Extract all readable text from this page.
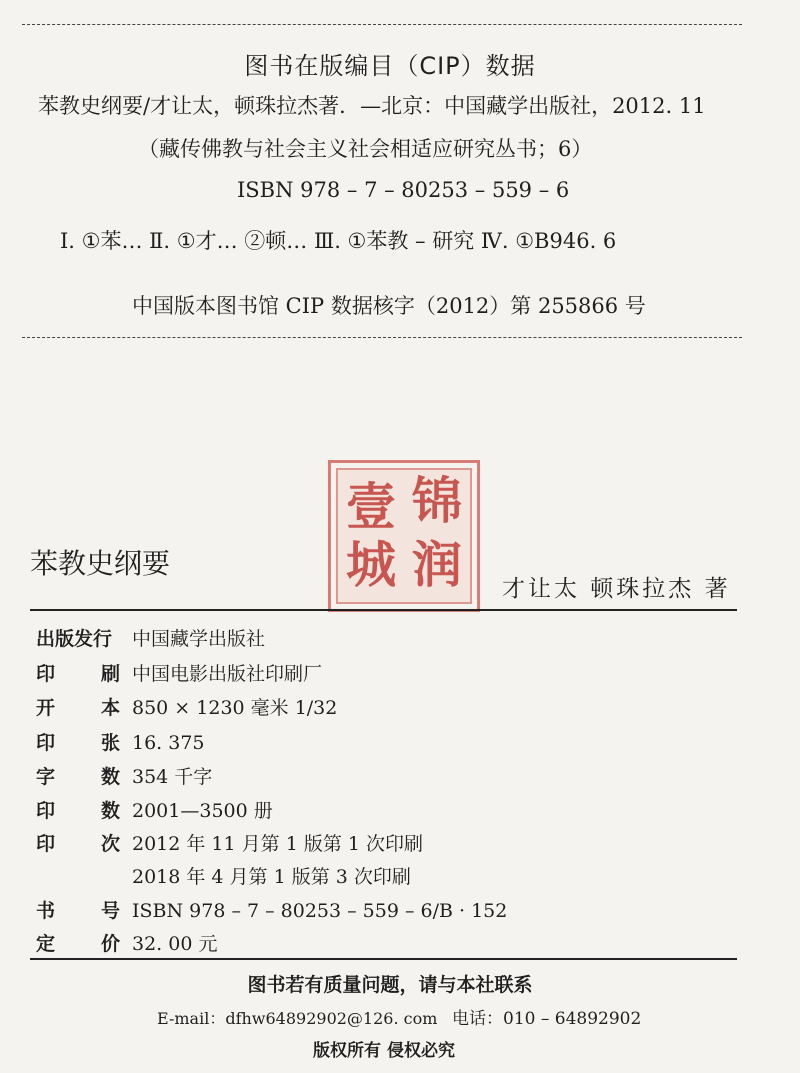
图书在版编目（CIP）数据
苯教史纲要/才让太，顿珠拉杰著．—北京：中国藏学出版社，2012. 11
（藏传佛教与社会主义社会相适应研究丛书；6）
ISBN 978 – 7 – 80253 – 559 – 6
Ⅰ. ①苯… Ⅱ. ①才… ②顿… Ⅲ. ①苯教 – 研究 Ⅳ. ①B946. 6
中国版本图书馆 CIP 数据核字（2012）第 255866 号
锦
壹
润
城
苯教史纲要
才让太 顿珠拉杰 著
出版发行 中国藏学出版社
印刷 中国电影出版社印刷厂
开本 850 × 1230 毫米 1/32
印张 16. 375
字数 354 千字
印数 2001—3500 册
印次 2012 年 11 月第 1 版第 1 次印刷
2018 年 4 月第 1 版第 3 次印刷
书号 ISBN 978 – 7 – 80253 – 559 – 6/B · 152
定价 32. 00 元
图书若有质量问题，请与本社联系
E-mail：dfhw64892902@126. com 电话：010 – 64892902
版权所有 侵权必究
